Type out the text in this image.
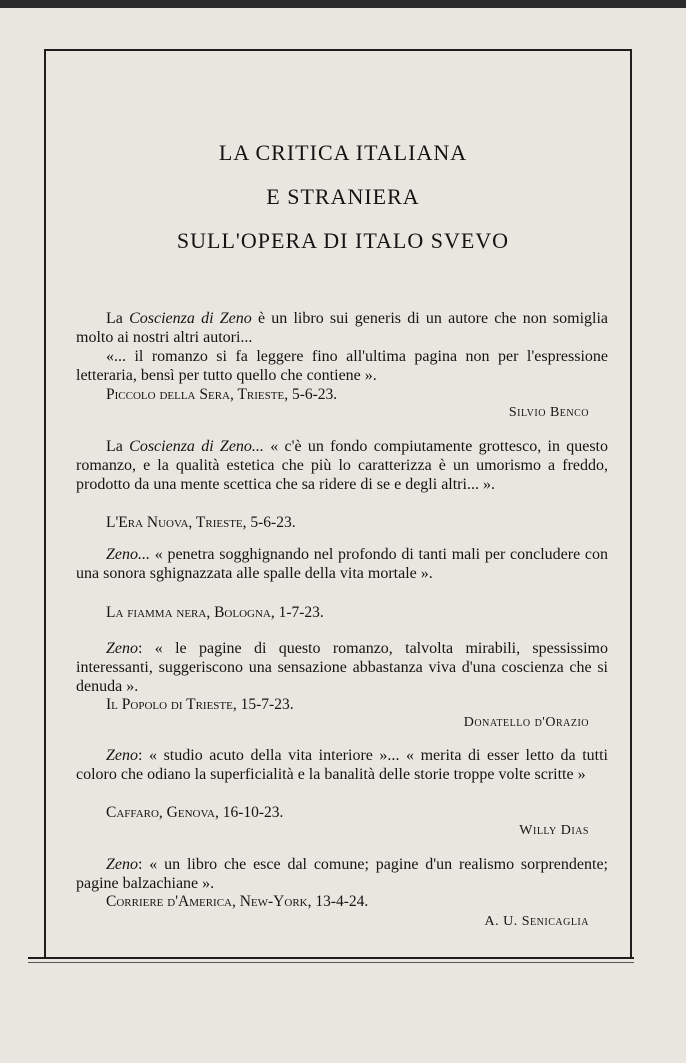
LA CRITICA ITALIANA
E STRANIERA
SULL'OPERA DI ITALO SVEVO

La Coscienza di Zeno è un libro sui generis di un autore che non somiglia molto ai nostri altri autori...

«... il romanzo si fa leggere fino all'ultima pagina non per l'espressione letteraria, bensì per tutto quello che contiene ».

Piccolo della Sera, Trieste, 5-6-23.
Silvio Benco

La Coscienza di Zeno... « c'è un fondo compiutamente grottesco, in questo romanzo, e la qualità estetica che più lo caratterizza è un umorismo a freddo, prodotto da una mente scettica che sa ridere di se e degli altri... ».

L'Era Nuova, Trieste, 5-6-23.

Zeno... « penetra sogghignando nel profondo di tanti mali per concludere con una sonora sghignazzata alle spalle della vita mortale ».

La fiamma nera, Bologna, 1-7-23.

Zeno: « le pagine di questo romanzo, talvolta mirabili, spessissimo interessanti, suggeriscono una sensazione abbastanza viva d'una coscienza che si denuda ».

Il Popolo di Trieste, 15-7-23.
Donatello d'Orazio

Zeno: « studio acuto della vita interiore »... « merita di esser letto da tutti coloro che odiano la superficialità e la banalità delle storie troppe volte scritte »

Caffaro, Genova, 16-10-23.
Willy Dias

Zeno: « un libro che esce dal comune; pagine d'un realismo sorprendente; pagine balzachiane ».

Corriere d'America, New-York, 13-4-24.
A. U. Senicaglia
